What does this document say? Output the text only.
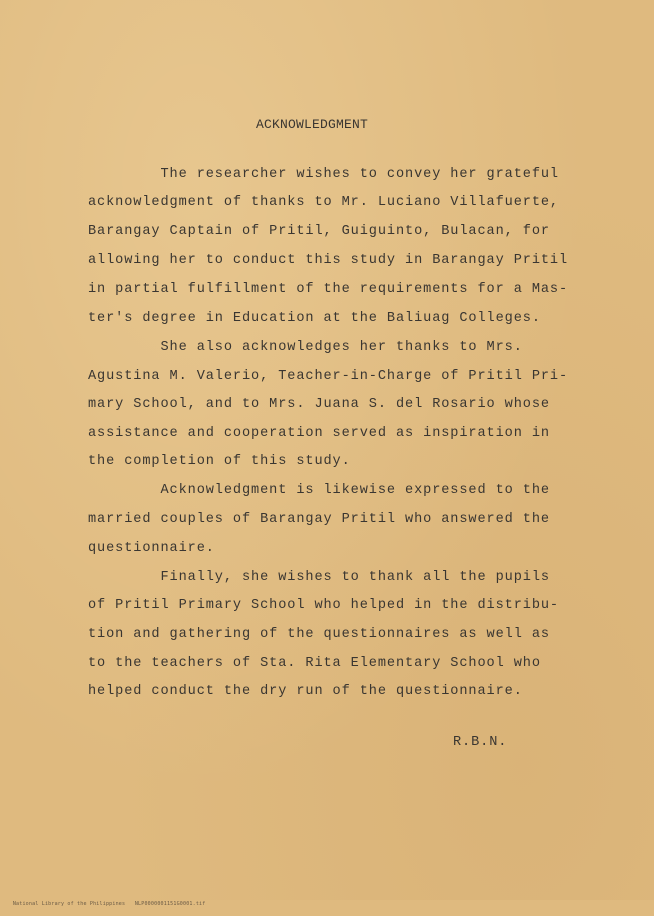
ACKNOWLEDGMENT
The researcher wishes to convey her grateful
acknowledgment of thanks to Mr. Luciano Villafuerte,
Barangay Captain of Pritil, Guiguinto, Bulacan, for
allowing her to conduct this study in Barangay Pritil
in partial fulfillment of the requirements for a Mas-
ter's degree in Education at the Baliuag Colleges.
She also acknowledges her thanks to Mrs.
Agustina M. Valerio, Teacher-in-Charge of Pritil Pri-
mary School, and to Mrs. Juana S. del Rosario whose
assistance and cooperation served as inspiration in
the completion of this study.
Acknowledgment is likewise expressed to the
married couples of Barangay Pritil who answered the
questionnaire.
Finally, she wishes to thank all the pupils
of Pritil Primary School who helped in the distribu-
tion and gathering of the questionnaires as well as
to the teachers of Sta. Rita Elementary School who
helped conduct the dry run of the questionnaire.
R.B.N.

National Library of the Philippines NLP0000001151G0001.tif
